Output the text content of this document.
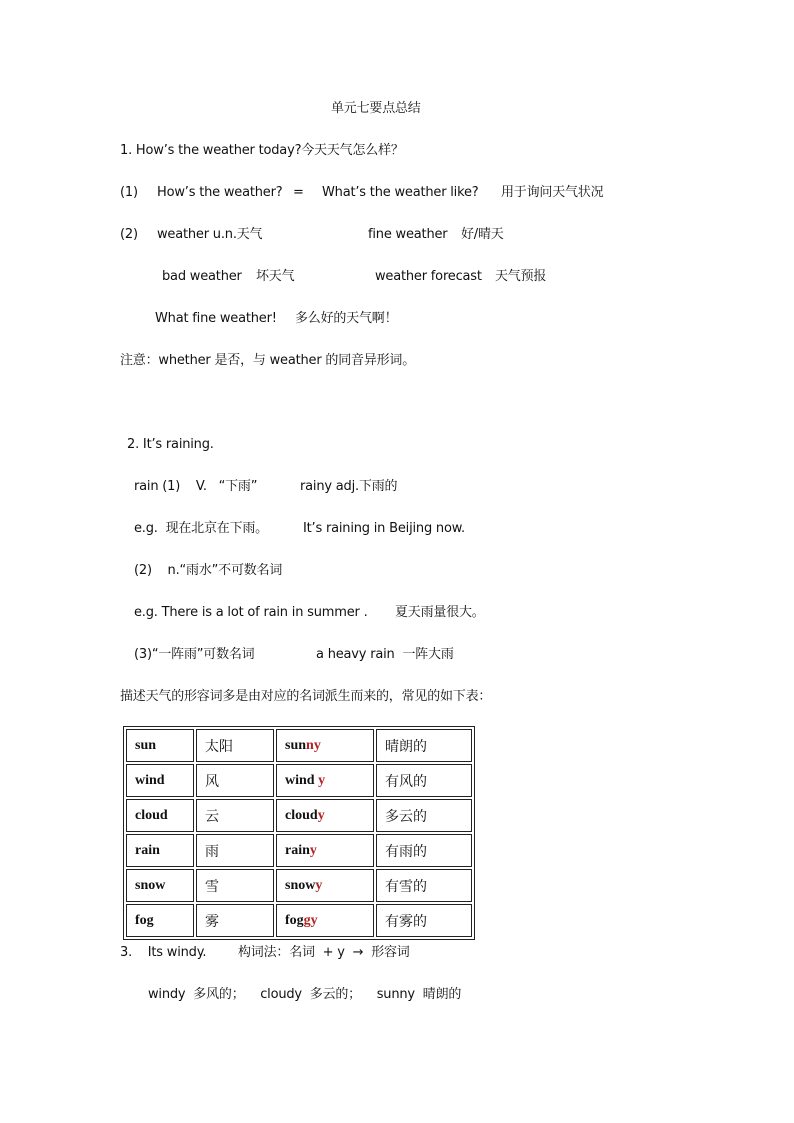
单元七要点总结
1. How’s the weather today?今天天气怎么样？
(1) How’s the weather? = What’s the weather like? 用于询问天气状况
(2) weather u.n.天气	fine weather 好/晴天
bad weather 坏天气	weather forecast 天气预报
What fine weather! 多么好的天气啊！
注意：whether 是否，与 weather 的同音异形词。
2. It’s raining.
rain (1)    V.   “下雨”	rainy adj.下雨的
e.g.  现在北京在下雨。	It’s raining in Beijing now.
(2)    n.“雨水”不可数名词
e.g. There is a lot of rain in summer . 夏天雨量很大。
(3)“一阵雨”可数名词	a heavy rain  一阵大雨
描述天气的形容词多是由对应的名词派生而来的，常见的如下表：
sun	太阳	sunny	晴朗的
wind	风	wind y	有风的
cloud	云	cloudy	多云的
rain	雨	rainy	有雨的
snow	雪	snowy	有雪的
fog	雾	foggy	有雾的
3.    Its windy. 构词法：名词  + y  →  形容词
windy  多风的；    cloudy  多云的；    sunny  晴朗的
